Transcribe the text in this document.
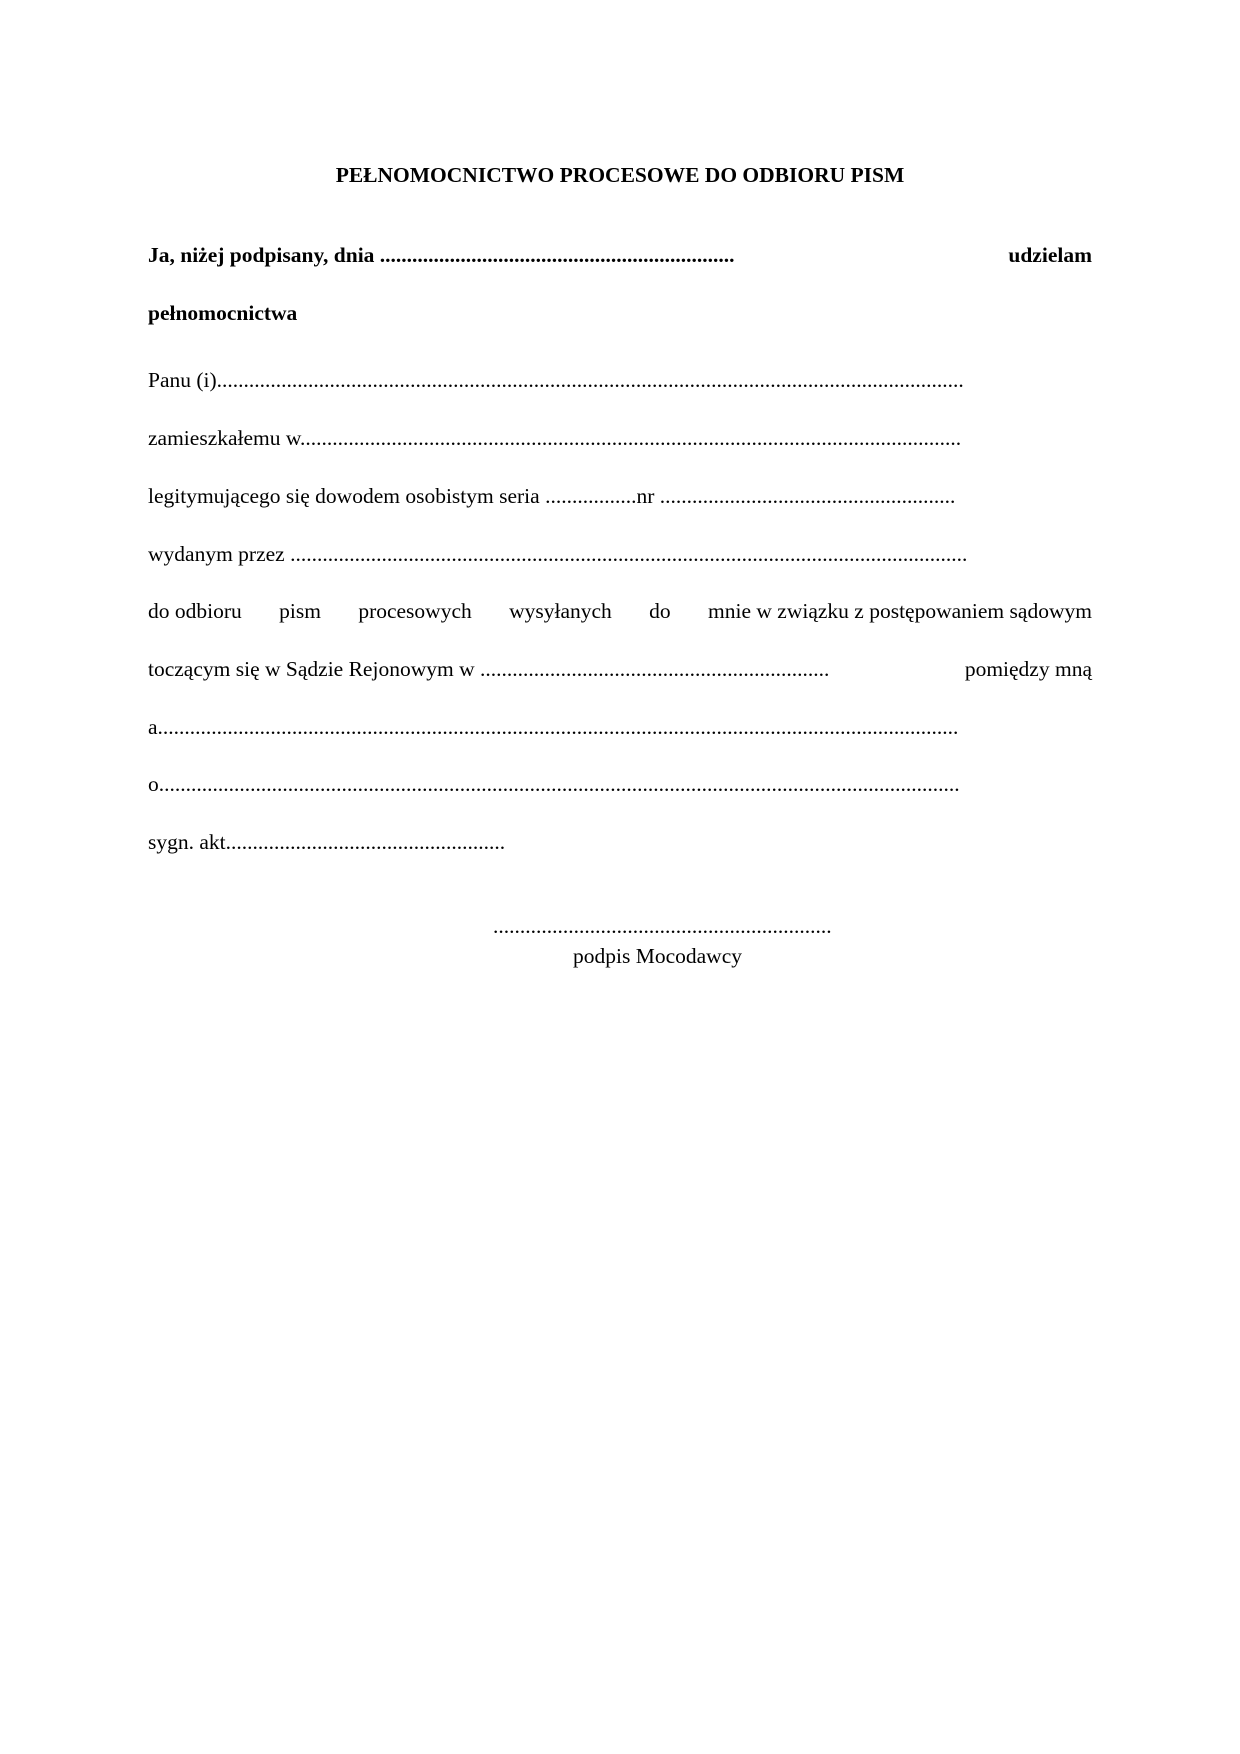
PEŁNOMOCNICTWO PROCESOWE DO ODBIORU PISM
Ja, niżej podpisany, dnia ..................................................................	udzielam
pełnomocnictwa
Panu (i)...........................................................................................................................................
zamieszkałemu w...........................................................................................................................
legitymującego się dowodem osobistym seria .................nr .......................................................
wydanym przez ..............................................................................................................................
do odbioru pism procesowych wysyłanych do mnie w związku z postępowaniem sądowym
toczącym się w Sądzie Rejonowym w .................................................................	pomiędzy mną
a.....................................................................................................................................................
o.....................................................................................................................................................
sygn. akt....................................................
...............................................................
podpis Mocodawcy
